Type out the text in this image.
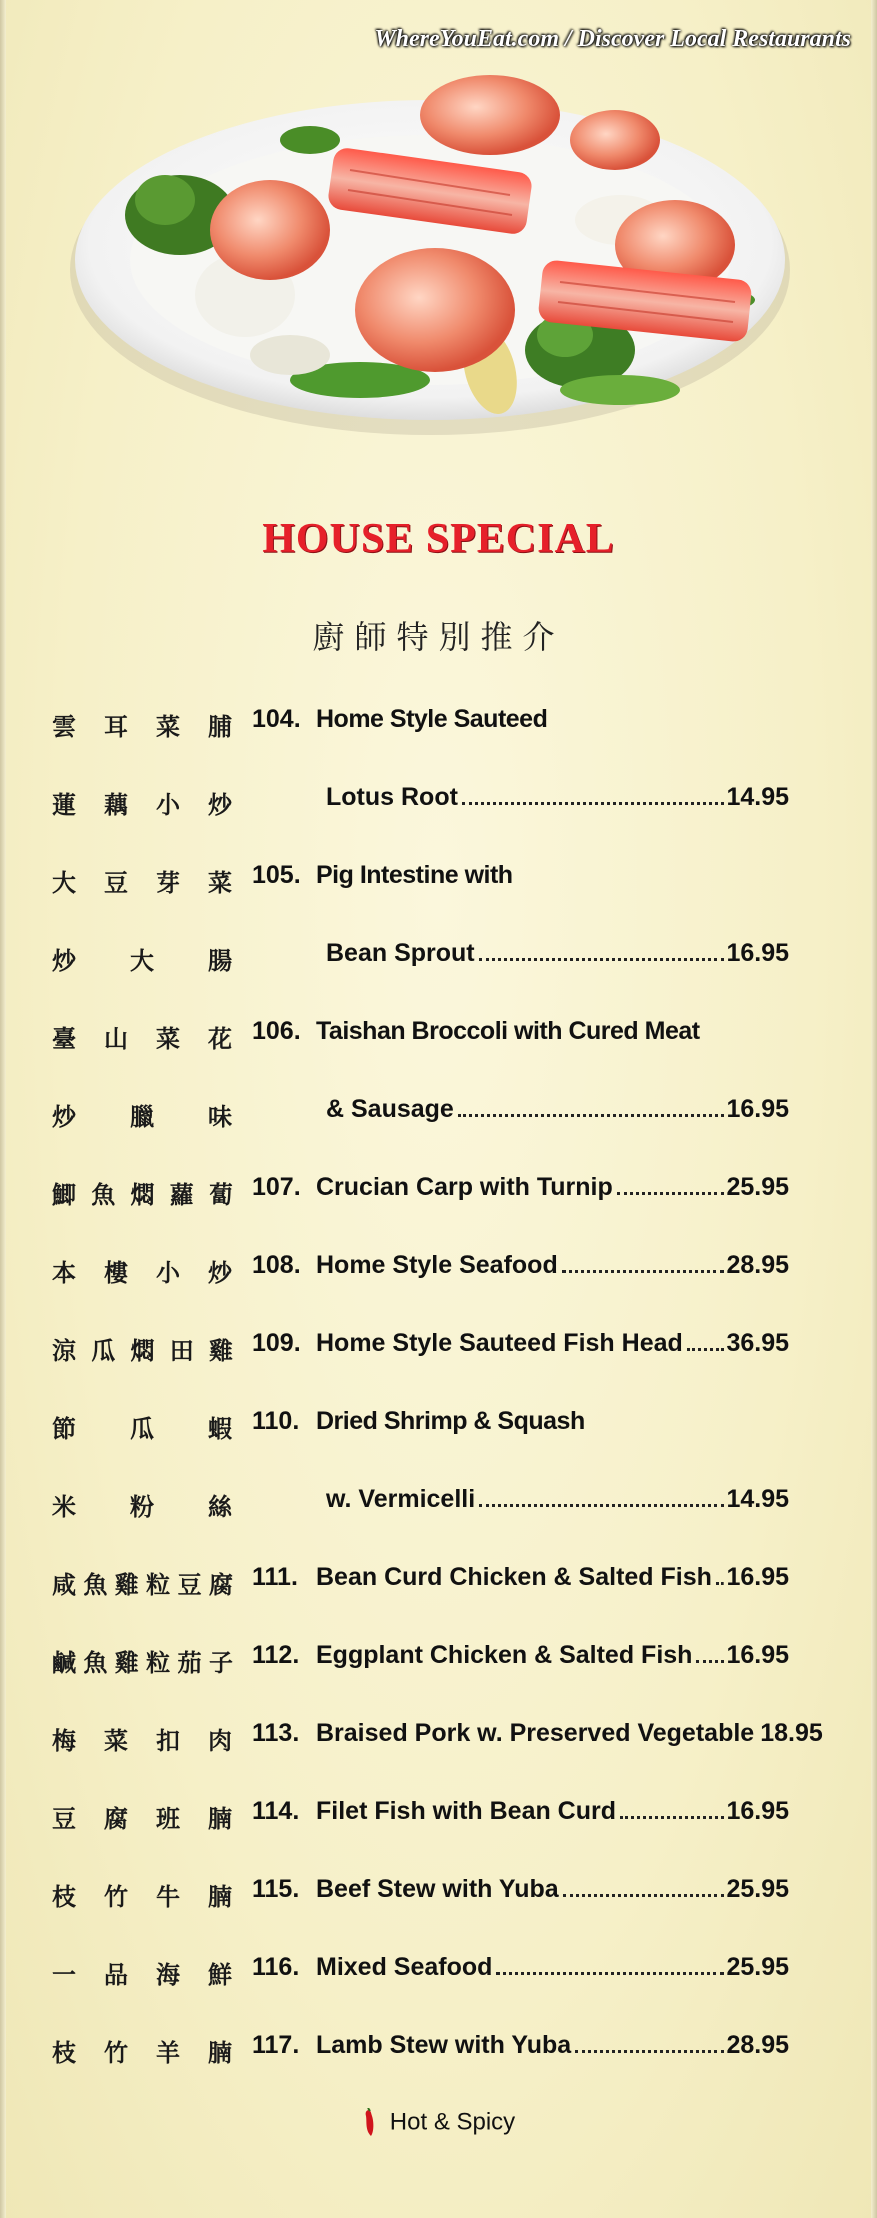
WhereYouEat.com / Discover Local Restaurants
HOUSE SPECIAL
廚師特別推介
雲 耳 菜 脯 104. Home Style Sauteed
蓮 藕 小 炒	Lotus Root	14.95
大 豆 芽 菜 105. Pig Intestine with
炒 大 腸	Bean Sprout	16.95
臺 山 菜 花 106. Taishan Broccoli with Cured Meat
炒 臘 味	& Sausage	16.95
鯽 魚 燜 蘿 蔔 107. Crucian Carp with Turnip	25.95
本 樓 小 炒 108. Home Style Seafood	28.95
涼 瓜 燜 田 雞 109. Home Style Sauteed Fish Head 36.95
節 瓜 蝦 110. Dried Shrimp & Squash
米 粉 絲	w. Vermicelli	14.95
咸 魚 雞 粒 豆 腐 111. Bean Curd Chicken & Salted Fish 16.95
鹹 魚 雞 粒 茄 子 112. Eggplant Chicken & Salted Fish 16.95
梅 菜 扣 肉 113. Braised Pork w. Preserved Vegetable 18.95
豆 腐 班 腩 114. Filet Fish with Bean Curd	16.95
枝 竹 牛 腩 115. Beef Stew with Yuba	25.95
一 品 海 鮮 116. Mixed Seafood	25.95
枝 竹 羊 腩 117. Lamb Stew with Yuba	28.95
Hot & Spicy
